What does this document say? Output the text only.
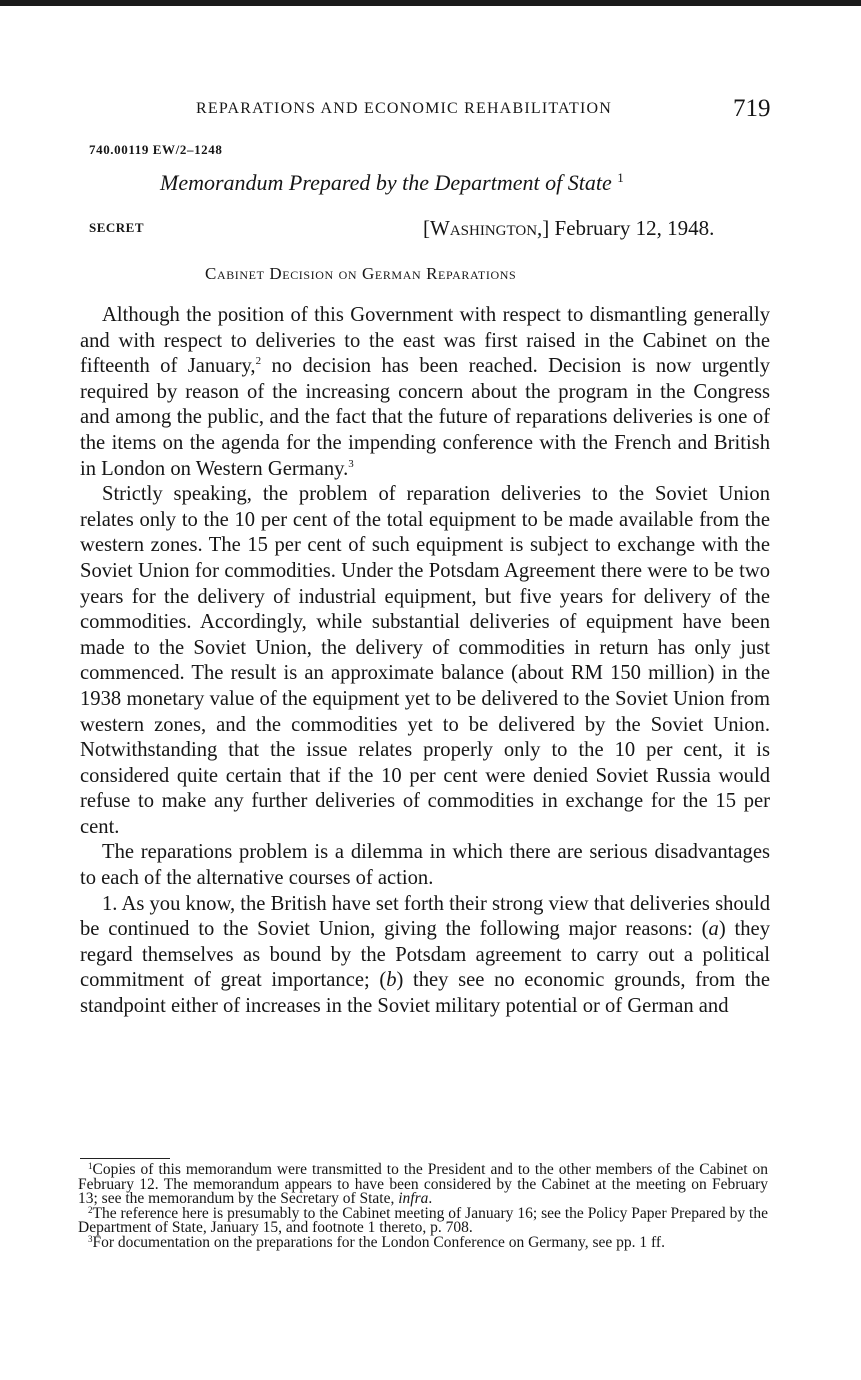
REPARATIONS AND ECONOMIC REHABILITATION	719
740.00119 EW/2–1248
Memorandum Prepared by the Department of State $^1$
SECRET	[Washington,] February 12, 1948.
Cabinet Decision on German Reparations

Although the position of this Government with respect to dismantling generally and with respect to deliveries to the east was first raised in the Cabinet on the fifteenth of January,$^2$ no decision has been reached. Decision is now urgently required by reason of the increasing concern about the program in the Congress and among the public, and the fact that the future of reparations deliveries is one of the items on the agenda for the impending conference with the French and British in London on Western Germany.$^3$

Strictly speaking, the problem of reparation deliveries to the Soviet Union relates only to the 10 per cent of the total equipment to be made available from the western zones. The 15 per cent of such equipment is subject to exchange with the Soviet Union for commodities. Under the Potsdam Agreement there were to be two years for the delivery of industrial equipment, but five years for delivery of the commodities. Accordingly, while substantial deliveries of equipment have been made to the Soviet Union, the delivery of commodities in return has only just commenced. The result is an approximate balance (about RM 150 million) in the 1938 monetary value of the equipment yet to be delivered to the Soviet Union from western zones, and the commodities yet to be delivered by the Soviet Union. Notwithstanding that the issue relates properly only to the 10 per cent, it is considered quite certain that if the 10 per cent were denied Soviet Russia would refuse to make any further deliveries of commodities in exchange for the 15 per cent.

The reparations problem is a dilemma in which there are serious disadvantages to each of the alternative courses of action.

1. As you know, the British have set forth their strong view that deliveries should be continued to the Soviet Union, giving the following major reasons: (a) they regard themselves as bound by the Potsdam agreement to carry out a political commitment of great importance; (b) they see no economic grounds, from the standpoint either of increases in the Soviet military potential or of German and

$^1$Copies of this memorandum were transmitted to the President and to the other members of the Cabinet on February 12. The memorandum appears to have been considered by the Cabinet at the meeting on February 13; see the memorandum by the Secretary of State, infra.

$^2$The reference here is presumably to the Cabinet meeting of January 16; see the Policy Paper Prepared by the Department of State, January 15, and footnote 1 thereto, p. 708.

$^3$For documentation on the preparations for the London Conference on Germany, see pp. 1 ff.
